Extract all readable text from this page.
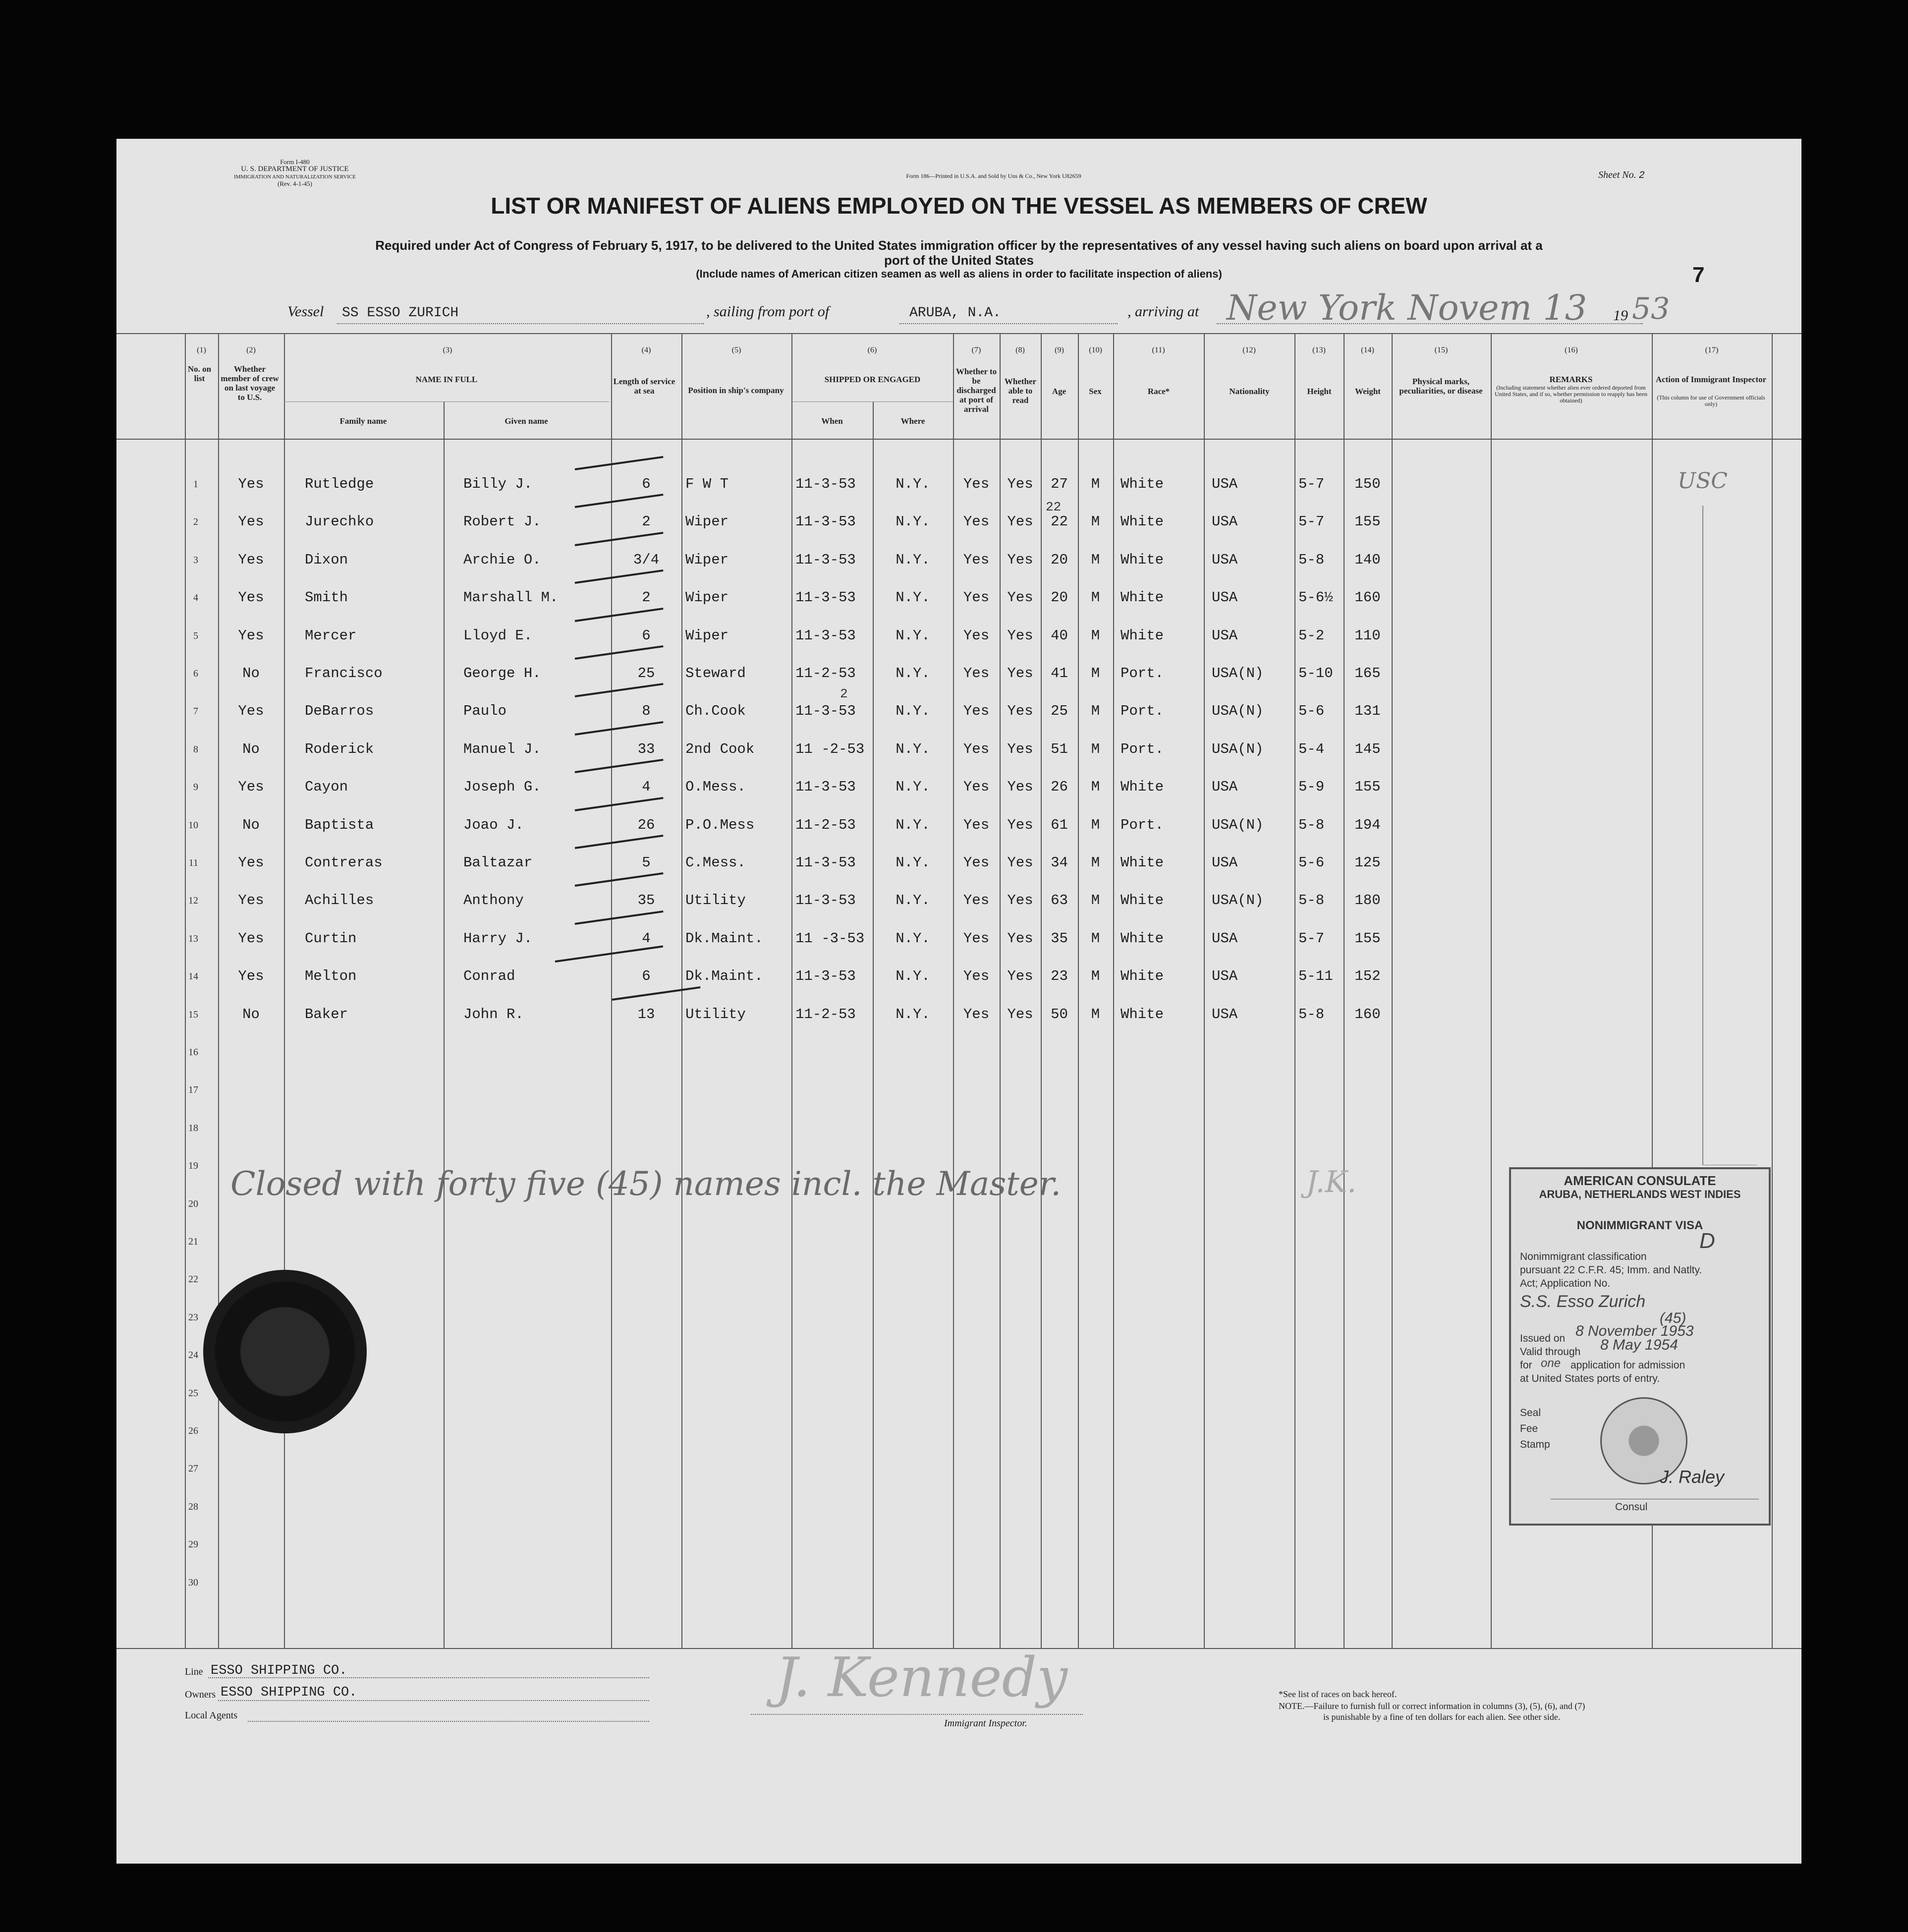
Form I-480
U. S. DEPARTMENT OF JUSTICE
IMMIGRATION AND NATURALIZATION SERVICE
(Rev. 4-1-45)
Form 186—Printed in U.S.A. and Sold by Uns & Co., New York U82659	Sheet No. 2
LIST OR MANIFEST OF ALIENS EMPLOYED ON THE VESSEL AS MEMBERS OF CREW
Required under Act of Congress of February 5, 1917, to be delivered to the United States immigration officer by the representatives of any vessel having such aliens on board upon arrival at a
port of the United States
(Include names of American citizen seamen as well as aliens in order to facilitate inspection of aliens)	7
Vessel SS ESSO ZURICH	, sailing from port of	ARUBA, N.A.	, arriving at New York Novem 13 19 53
(1)	(2)	(3)	(4)	(5)	(6)	(7)	(8)	(9)	(10)	(11)	(12)	(13)	(14)	(15)	(16)	(17)
No. on list
Whether member of crew on last voyage to U.S.
NAME IN FULL
Family name	Given name
Length of service at sea	Position in ship's company
SHIPPED OR ENGAGED
When	Where
Whether to be discharged at port of arrival
Whether able to read
Age	Sex	Race*	Nationality	Height	Weight
Physical marks, peculiarities, or disease
REMARKS
(Including statement whether alien ever ordered deported from United States, and if so, whether permission to reapply has been obtained)
Action of Immigrant Inspector
(This column for use of Government officials only)
1	Yes	Rutledge	Billy J.	6	F W T	11-3-53	N.Y.	Yes	Yes	27	M	White	USA	5-7	150
2	Yes	Jurechko	Robert J.	2	Wiper	11-3-53	N.Y.	Yes	Yes	22	M	White	USA	5-7	155
3	Yes	Dixon	Archie O.	3/4	Wiper	11-3-53	N.Y.	Yes	Yes	20	M	White	USA	5-8	140
4	Yes	Smith	Marshall M.	2	Wiper	11-3-53	N.Y.	Yes	Yes	20	M	White	USA	5-6½	160
5	Yes	Mercer	Lloyd E.	6	Wiper	11-3-53	N.Y.	Yes	Yes	40	M	White	USA	5-2	110
6	No	Francisco	George H.	25	Steward	11-2-53	N.Y.	Yes	Yes	41	M	Port.	USA(N) 5-10	165
7	Yes	DeBarros	Paulo	8	Ch.Cook	11-3-53	N.Y.	Yes	Yes	25	M	Port.	USA(N) 5-6	131
8	No	Roderick	Manuel J.	33	2nd Cook	11 -2-53	N.Y.	Yes	Yes	51	M	Port.	USA(N) 5-4	145
9	Yes	Cayon	Joseph G.	4	O.Mess.	11-3-53	N.Y.	Yes	Yes	26	M	White	USA	5-9	155
10	No	Baptista	Joao J.	26	P.O.Mess	11-2-53	N.Y.	Yes	Yes	61	M	Port.	USA(N) 5-8	194
11	Yes	Contreras	Baltazar	5	C.Mess.	11-3-53	N.Y.	Yes	Yes	34	M	White	USA	5-6	125
12	Yes	Achilles	Anthony	35	Utility	11-3-53	N.Y.	Yes	Yes	63	M	White	USA(N) 5-8	180
13	Yes	Curtin	Harry J.	4	Dk.Maint. 11 -3-53	N.Y.	Yes	Yes	35	M	White	USA	5-7	155
14	Yes	Melton	Conrad	6	Dk.Maint. 11-3-53	N.Y.	Yes	Yes	23	M	White	USA	5-11	152
15	No	Baker	John R.	13	Utility	11-2-53	N.Y.	Yes	Yes	50	M	White	USA	5-8	160
16
17
18
19
20
21
22
23
24
25
26
27
28
29
30
22
2
USC
Closed with forty five (45) names incl. the Master.	J.K.	AMERICAN CONSULATE
ARUBA, NETHERLANDS WEST INDIES
NONIMMIGRANT VISA
D
Nonimmigrant classification
pursuant 22 C.F.R. 45; Imm. and Natlty.
Act; Application No.
S.S. Esso Zurich
(45)
Issued on 8 November 1953
Valid through 8 May 1954
for one application for admission
at United States ports of entry.
Seal
Fee
Stamp
J. Raley
Consul
Line ESSO SHIPPING CO.
Owners ESSO SHIPPING CO.
Local Agents
J. Kennedy
Immigrant Inspector.
*See list of races on back hereof.
NOTE.—Failure to furnish full or correct information in columns (3), (5), (6), and (7)
is punishable by a fine of ten dollars for each alien. See other side.
